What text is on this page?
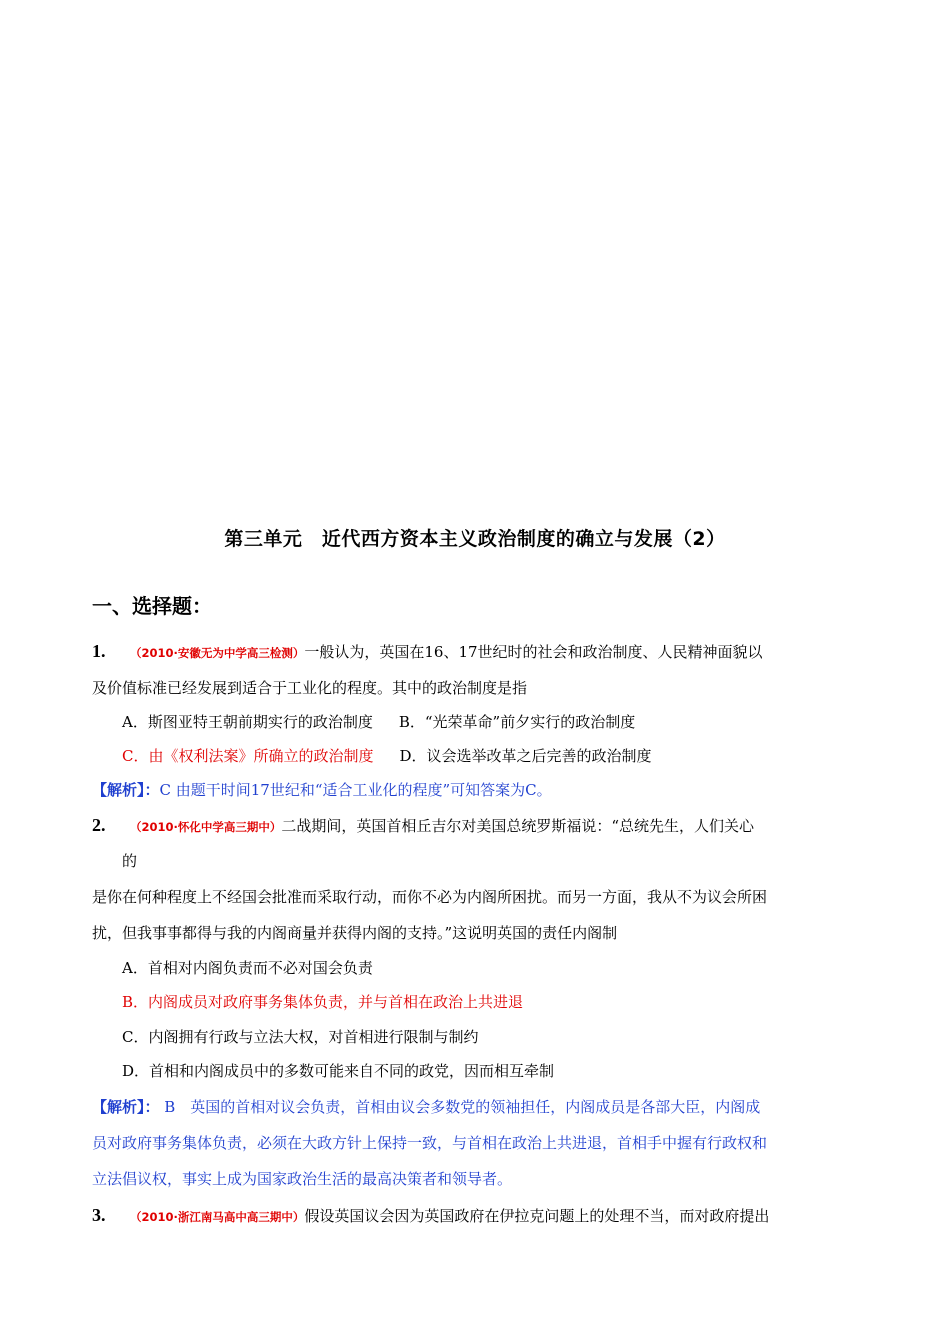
第三单元　近代西方资本主义政治制度的确立与发展（2）
一、选择题：
1. （2010·安徽无为中学高三检测）一般认为，英国在16、17世纪时的社会和政治制度、人民精神面貌以
及价值标准已经发展到适合于工业化的程度。其中的政治制度是指
A．斯图亚特王朝前期实行的政治制度 B．“光荣革命”前夕实行的政治制度
C．由《权利法案》所确立的政治制度 D．议会选举改革之后完善的政治制度
【解析】：C 由题干时间17世纪和“适合工业化的程度”可知答案为C。
2. （2010·怀化中学高三期中）二战期间，英国首相丘吉尔对美国总统罗斯福说：“总统先生，人们关心
的
是你在何种程度上不经国会批准而采取行动，而你不必为内阁所困扰。而另一方面，我从不为议会所困
扰，但我事事都得与我的内阁商量并获得内阁的支持。”这说明英国的责任内阁制
A．首相对内阁负责而不必对国会负责
B．内阁成员对政府事务集体负责，并与首相在政治上共进退
C．内阁拥有行政与立法大权，对首相进行限制与制约
D．首相和内阁成员中的多数可能来自不同的政党，因而相互牵制
【解析】： B　英国的首相对议会负责，首相由议会多数党的领袖担任，内阁成员是各部大臣，内阁成
员对政府事务集体负责，必须在大政方针上保持一致，与首相在政治上共进退，首相手中握有行政权和
立法倡议权，事实上成为国家政治生活的最高决策者和领导者。
3. （2010·浙江南马高中高三期中）假设英国议会因为英国政府在伊拉克问题上的处理不当，而对政府提出
